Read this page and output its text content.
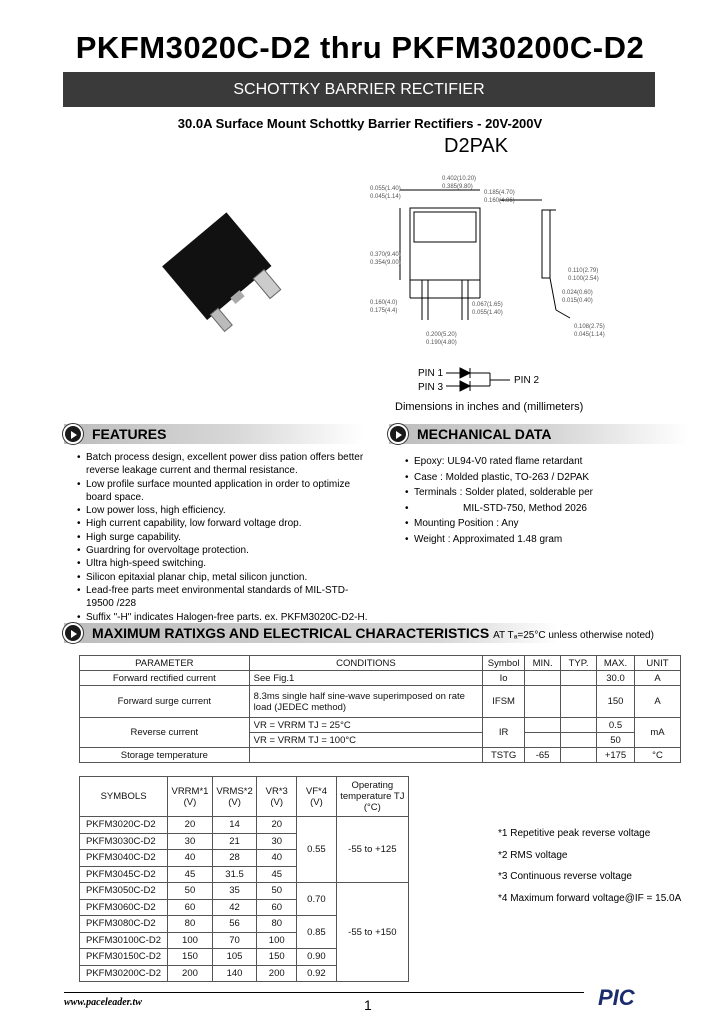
PKFM3020C-D2 thru PKFM30200C-D2
SCHOTTKY BARRIER RECTIFIER
30.0A Surface Mount Schottky Barrier Rectifiers - 20V-200V
D2PAK
0.402(10.20)
0.385(9.80)
0.055(1.40)
0.045(1.14)
0.185(4.70)
0.160(4.06)
0.370(9.40)
0.354(9.00)
0.160(4.0)
0.175(4.4)
0.067(1.65)
0.055(1.40)
0.200(5.20)
0.190(4.80)
0.024(0.60)
0.015(0.40)
0.110(2.79)
0.100(2.54)
0.108(2.75)
0.045(1.14)
PIN 1
PIN 3
PIN 2
Dimensions in inches and (millimeters)
FEATURES
• Batch process design, excellent power diss pation offers better reverse leakage current and thermal resistance.
• Low profile surface mounted application in order to optimize board space.
• Low power loss, high efficiency.
• High current capability, low forward voltage drop.
• High surge capability.
• Guardring for overvoltage protection.
• Ultra high-speed switching.
• Silicon epitaxial planar chip, metal silicon junction.
• Lead-free parts meet environmental standards of MIL-STD-19500 /228
• Suffix "-H" indicates Halogen-free parts. ex. PKFM3020C-D2-H.
MECHANICAL DATA
• Epoxy: UL94-V0 rated flame retardant
• Case : Molded plastic, TO-263 / D2PAK
• Terminals : Solder plated, solderable per
• MIL-STD-750, Method 2026
• Mounting Position : Any
• Weight : Approximated 1.48 gram
MAXIMUM RATIXGS AND ELECTRICAL CHARACTERISTICS AT Tₐ=25°C unless otherwise noted)
PARAMETER	CONDITIONS	Symbol	MIN.	TYP.	MAX.	UNIT
Forward rectified current	See Fig.1	Io			30.0	A
Forward surge current	8.3ms single half sine-wave superimposed on rate load (JEDEC method)	IFSM			150	A
Reverse current	VR = VRRM TJ = 25°C	IR			0.5	mA
	VR = VRRM TJ = 100°C				50	
Storage temperature		TSTG	-65		+175	°C
SYMBOLS	VRRM*1 (V)	VRMS*2 (V)	VR*3 (V)	VF*4 (V)	Operating temperature TJ (°C)
PKFM3020C-D2	20	14	20	0.55	-55 to +125
PKFM3030C-D2	30	21	30		
PKFM3040C-D2	40	28	40		
PKFM3045C-D2	45	31.5	45		
PKFM3050C-D2	50	35	50	0.70	-55 to +150
PKFM3060C-D2	60	42	60		
PKFM3080C-D2	80	56	80	0.85	
PKFM30100C-D2	100	70	100		
PKFM30150C-D2	150	105	150	0.90	
PKFM30200C-D2	200	140	200	0.92	
*1 Repetitive peak reverse voltage
*2 RMS voltage
*3 Continuous reverse voltage
*4 Maximum forward voltage@IF = 15.0A
www.paceleader.tw	1	PIC
